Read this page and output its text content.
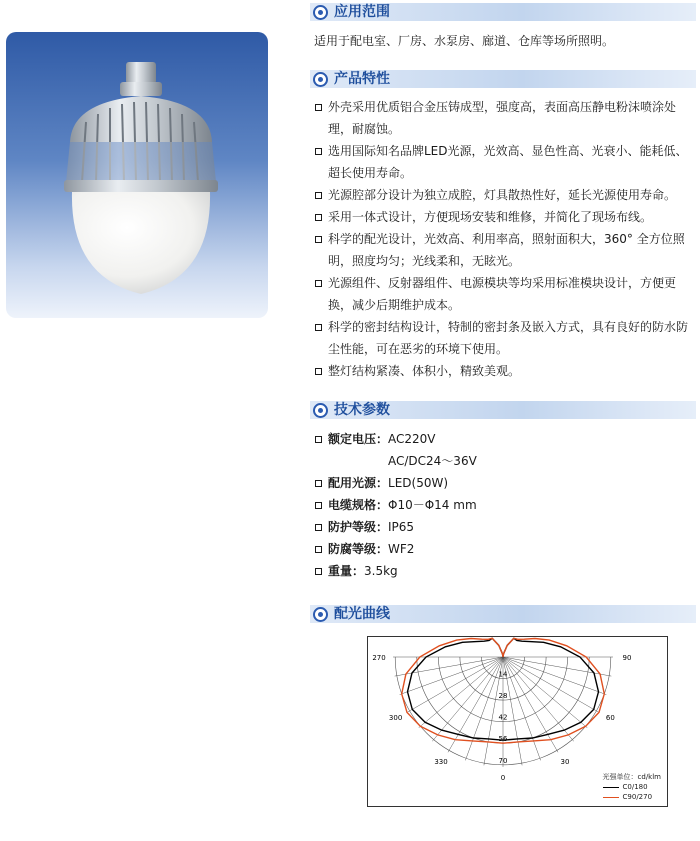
应用范围
适用于配电室、厂房、水泵房、廊道、仓库等场所照明。
产品特性
外壳采用优质铝合金压铸成型，强度高，表面高压静电粉沫喷涂处理，耐腐蚀。
选用国际知名品牌LED光源，光效高、显色性高、光衰小、能耗低、超长使用寿命。
光源腔部分设计为独立成腔，灯具散热性好，延长光源使用寿命。
采用一体式设计，方便现场安装和维修，并简化了现场布线。
科学的配光设计，光效高、利用率高，照射面积大，360° 全方位照明，照度均匀；光线柔和，无眩光。
光源组件、反射器组件、电源模块等均采用标准模块设计，方便更换，减少后期维护成本。
科学的密封结构设计，特制的密封条及嵌入方式，具有良好的防水防尘性能，可在恶劣的环境下使用。
整灯结构紧凑、体积小，精致美观。
技术参数
额定电压：AC220V
AC/DC24～36V
配用光源：LED(50W)
电缆规格：Φ10－Φ14 mm
防护等级：IP65
防腐等级：WF2
重量：3.5kg
配光曲线
14
28
42
56
70
270	90
300	60
330	30
0	光强单位：cd/klm
C0/180
C90/270
